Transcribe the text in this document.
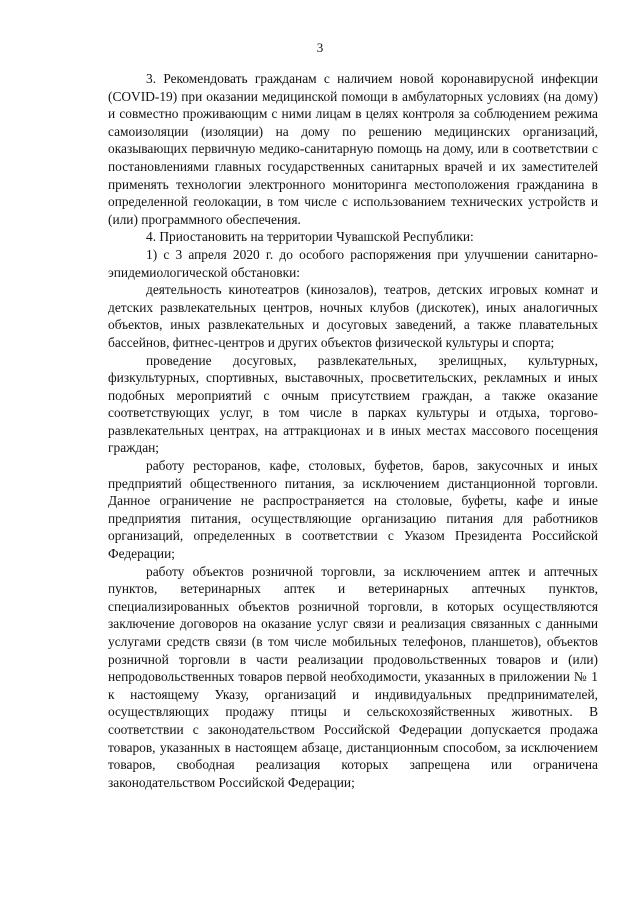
3

3. Рекомендовать гражданам с наличием новой коронавирусной инфекции (COVID-19) при оказании медицинской помощи в амбулаторных условиях (на дому) и совместно проживающим с ними лицам в целях контроля за соблюдением режима самоизоляции (изоляции) на дому по решению медицинских организаций, оказывающих первичную медико-санитарную помощь на дому, или в соответствии с постановлениями главных государственных санитарных врачей и их заместителей применять технологии электронного мониторинга местоположения гражданина в определенной геолокации, в том числе с использованием технических устройств и (или) программного обеспечения.

4. Приостановить на территории Чувашской Республики:

1) с 3 апреля 2020 г. до особого распоряжения при улучшении санитарно-эпидемиологической обстановки:

деятельность кинотеатров (кинозалов), театров, детских игровых комнат и детских развлекательных центров, ночных клубов (дискотек), иных аналогичных объектов, иных развлекательных и досуговых заведений, а также плавательных бассейнов, фитнес-центров и других объектов физической культуры и спорта;

проведение досуговых, развлекательных, зрелищных, культурных, физкультурных, спортивных, выставочных, просветительских, рекламных и иных подобных мероприятий с очным присутствием граждан, а также оказание соответствующих услуг, в том числе в парках культуры и отдыха, торгово-развлекательных центрах, на аттракционах и в иных местах массового посещения граждан;

работу ресторанов, кафе, столовых, буфетов, баров, закусочных и иных предприятий общественного питания, за исключением дистанционной торговли. Данное ограничение не распространяется на столовые, буфеты, кафе и иные предприятия питания, осуществляющие организацию питания для работников организаций, определенных в соответствии с Указом Президента Российской Федерации;

работу объектов розничной торговли, за исключением аптек и аптечных пунктов, ветеринарных аптек и ветеринарных аптечных пунктов, специализированных объектов розничной торговли, в которых осуществляются заключение договоров на оказание услуг связи и реализация связанных с данными услугами средств связи (в том числе мобильных телефонов, планшетов), объектов розничной торговли в части реализации продовольственных товаров и (или) непродовольственных товаров первой необходимости, указанных в приложении № 1 к настоящему Указу, организаций и индивидуальных предпринимателей, осуществляющих продажу птицы и сельскохозяйственных животных. В соответствии с законодательством Российской Федерации допускается продажа товаров, указанных в настоящем абзаце, дистанционным способом, за исключением товаров, свободная реализация которых запрещена или ограничена законодательством Российской Федерации;
